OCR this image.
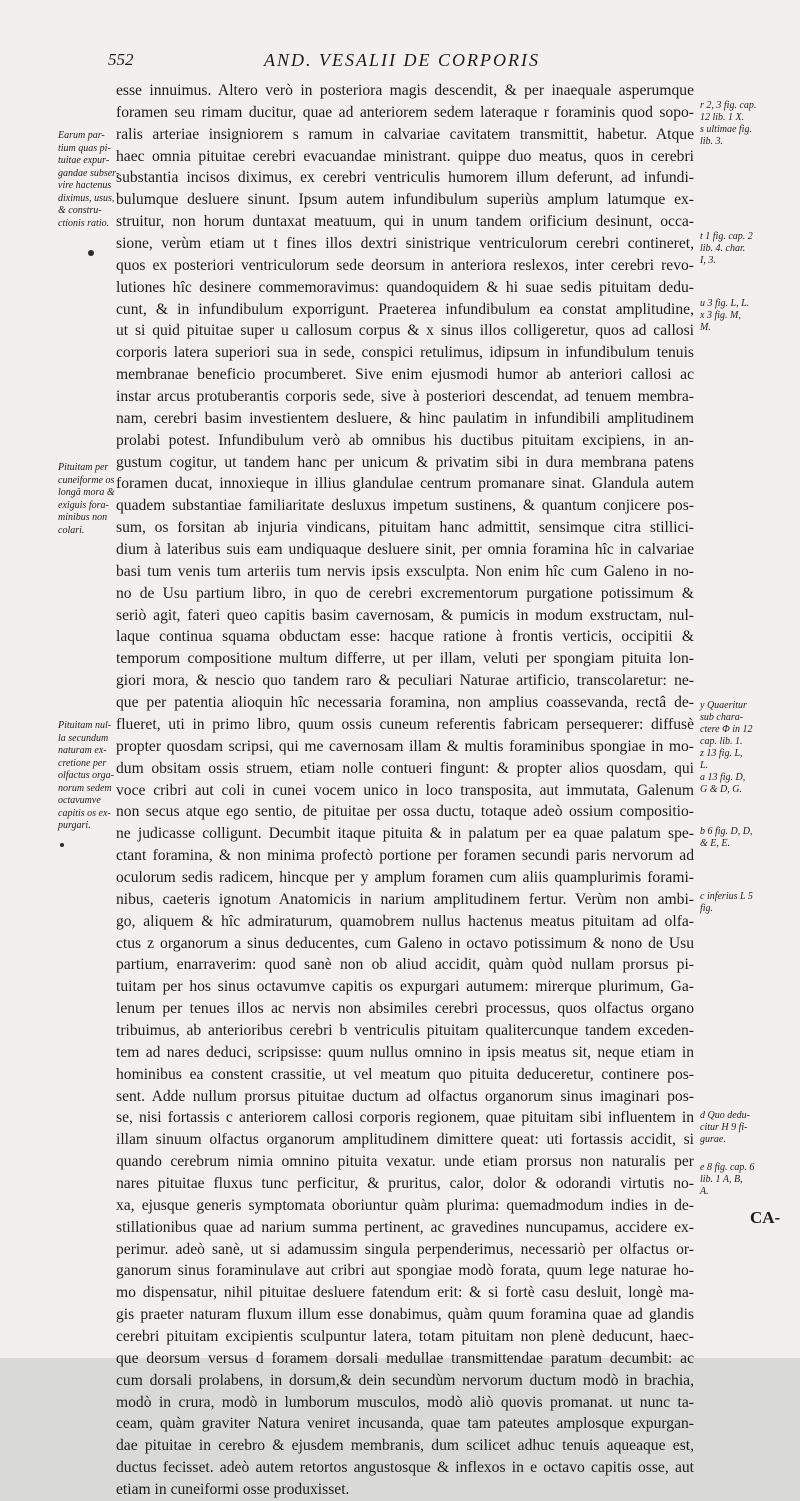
552	AND. VESALII DE CORPORIS
esse innuimus. Altero verò in posteriora magis descendit, & per inaequale asperumque
foramen seu rimam ducitur, quae ad anteriorem sedem lateraque r foraminis quod sopo-
ralis arteriae insigniorem s ramum in calvariae cavitatem transmittit, habetur. Atque
haec omnia pituitae cerebri evacuandae ministrant. quippe duo meatus, quos in cerebri
substantia incisos diximus, ex cerebri ventriculis humorem illum deferunt, ad infundi-
bulumque desluere sinunt. Ipsum autem infundibulum superiùs amplum latumque ex-
struitur, non horum duntaxat meatuum, qui in unum tandem orificium desinunt, occa-
sione, verùm etiam ut t fines illos dextri sinistrique ventriculorum cerebri contineret,
quos ex posteriori ventriculorum sede deorsum in anteriora reslexos, inter cerebri revo-
lutiones hîc desinere commemoravimus: quandoquidem & hi suae sedis pituitam dedu-
cunt, & in infundibulum exporrigunt. Praeterea infundibulum ea constat amplitudine,
ut si quid pituitae super u callosum corpus & x sinus illos colligeretur, quos ad callosi
corporis latera superiori sua in sede, conspici retulimus, idipsum in infundibulum tenuis
membranae beneficio procumberet. Sive enim ejusmodi humor ab anteriori callosi ac
instar arcus protuberantis corporis sede, sive à posteriori descendat, ad tenuem membra-
nam, cerebri basim investientem desluere, & hinc paulatim in infundibili amplitudinem
prolabi potest. Infundibulum verò ab omnibus his ductibus pituitam excipiens, in an-
gustum cogitur, ut tandem hanc per unicum & privatim sibi in dura membrana patens
foramen ducat, innoxieque in illius glandulae centrum promanare sinat. Glandula autem
quadem substantiae familiaritate desluxus impetum sustinens, & quantum conjicere pos-
sum, os forsitan ab injuria vindicans, pituitam hanc admittit, sensimque citra stillici-
dium à lateribus suis eam undiquaque desluere sinit, per omnia foramina hîc in calvariae
basi tum venis tum arteriis tum nervis ipsis exsculpta. Non enim hîc cum Galeno in no-
no de Usu partium libro, in quo de cerebri excrementorum purgatione potissimum &
seriò agit, fateri queo capitis basim cavernosam, & pumicis in modum exstructam, nul-
laque continua squama obductam esse: hacque ratione à frontis verticis, occipitii &
temporum compositione multum differre, ut per illam, veluti per spongiam pituita lon-
giori mora, & nescio quo tandem raro & peculiari Naturae artificio, transcolaretur: ne-
que per patentia alioquin hîc necessaria foramina, non amplius coassevanda, rectâ de-
flueret, uti in primo libro, quum ossis cuneum referentis fabricam persequerer: diffusè
propter quosdam scripsi, qui me cavernosam illam & multis foraminibus spongiae in mo-
dum obsitam ossis struem, etiam nolle contueri fingunt: & propter alios quosdam, qui
voce cribri aut coli in cunei vocem unico in loco transposita, aut immutata, Galenum
non secus atque ego sentio, de pituitae per ossa ductu, totaque adeò ossium compositio-
ne judicasse colligunt. Decumbit itaque pituita & in palatum per ea quae palatum spe-
ctant foramina, & non minima profectò portione per foramen secundi paris nervorum ad
oculorum sedis radicem, hincque per y amplum foramen cum aliis quamplurimis forami-
nibus, caeteris ignotum Anatomicis in narium amplitudinem fertur. Verùm non ambi-
go, aliquem & hîc admiraturum, quamobrem nullus hactenus meatus pituitam ad olfa-
ctus z organorum a sinus deducentes, cum Galeno in octavo potissimum & nono de Usu
partium, enarraverim: quod sanè non ob aliud accidit, quàm quòd nullam prorsus pi-
tuitam per hos sinus octavumve capitis os expurgari autumem: mirerque plurimum, Ga-
lenum per tenues illos ac nervis non absimiles cerebri processus, quos olfactus organo
tribuimus, ab anterioribus cerebri b ventriculis pituitam qualitercunque tandem exceden-
tem ad nares deduci, scripsisse: quum nullus omnino in ipsis meatus sit, neque etiam in
hominibus ea constent crassitie, ut vel meatum quo pituita deduceretur, continere pos-
sent. Adde nullum prorsus pituitae ductum ad olfactus organorum sinus imaginari pos-
se, nisi fortassis c anteriorem callosi corporis regionem, quae pituitam sibi influentem in
illam sinuum olfactus organorum amplitudinem dimittere queat: uti fortassis accidit, si
quando cerebrum nimia omnino pituita vexatur. unde etiam prorsus non naturalis per
nares pituitae fluxus tunc perficitur, & pruritus, calor, dolor & odorandi virtutis no-
xa, ejusque generis symptomata oboriuntur quàm plurima: quemadmodum indies in de-
stillationibus quae ad narium summa pertinent, ac gravedines nuncupamus, accidere ex-
perimur. adeò sanè, ut si adamussim singula perpenderimus, necessariò per olfactus or-
ganorum sinus foraminulave aut cribri aut spongiae modò forata, quum lege naturae ho-
mo dispensatur, nihil pituitae desluere fatendum erit: & si fortè casu desluit, longè ma-
gis praeter naturam fluxum illum esse donabimus, quàm quum foramina quae ad glandis
cerebri pituitam excipientis sculpuntur latera, totam pituitam non plenè deducunt, haec-
que deorsum versus d foramem dorsali medullae transmittendae paratum decumbit: ac
cum dorsali prolabens, in dorsum,& dein secundùm nervorum ductum modò in brachia,
modò in crura, modò in lumborum musculos, modò aliò quovis promanat. ut nunc ta-
ceam, quàm graviter Natura veniret incusanda, quae tam pateutes amplosque expurgan-
dae pituitae in cerebro & ejusdem membranis, dum scilicet adhuc tenuis aqueaque est,
ductus fecisset. adeò autem retortos angustosque & inflexos in e octavo capitis osse, aut
etiam in cuneiformi osse produxisset.
Earum par-
tium quas pi-
tuitae expur-
gandae subser-
vire hactenus
diximus, usus,
& constru-
ctionis ratio.
Pituitam per
cuneiforme os
longâ mora &
exiguis fora-
minibus non
colari.
Pituitam nul-
la secundum
naturam ex-
cretione per
olfactus orga-
norum sedem
octavumve
capitis os ex-
purgari.
r 2, 3 fig. cap.
12 lib. 1 X.
s ultimae fig.
lib. 3.
t 1 fig. cap. 2
lib. 4. char.
I, 3.
u 3 fig. L, L.
x 3 fig. M,
M.
y Quaeritur
sub chara-
ctere Φ in 12
cap. lib. 1.
z 13 fig. L,
L.
a 13 fig. D,
G & D, G.
b 6 fig. D, D,
& E, E.
c inferius L 5
fig.
d Quo dedu-
citur H 9 fi-
gurae.
e 8 fig. cap. 6
lib. 1 A, B,
A.
CA-
